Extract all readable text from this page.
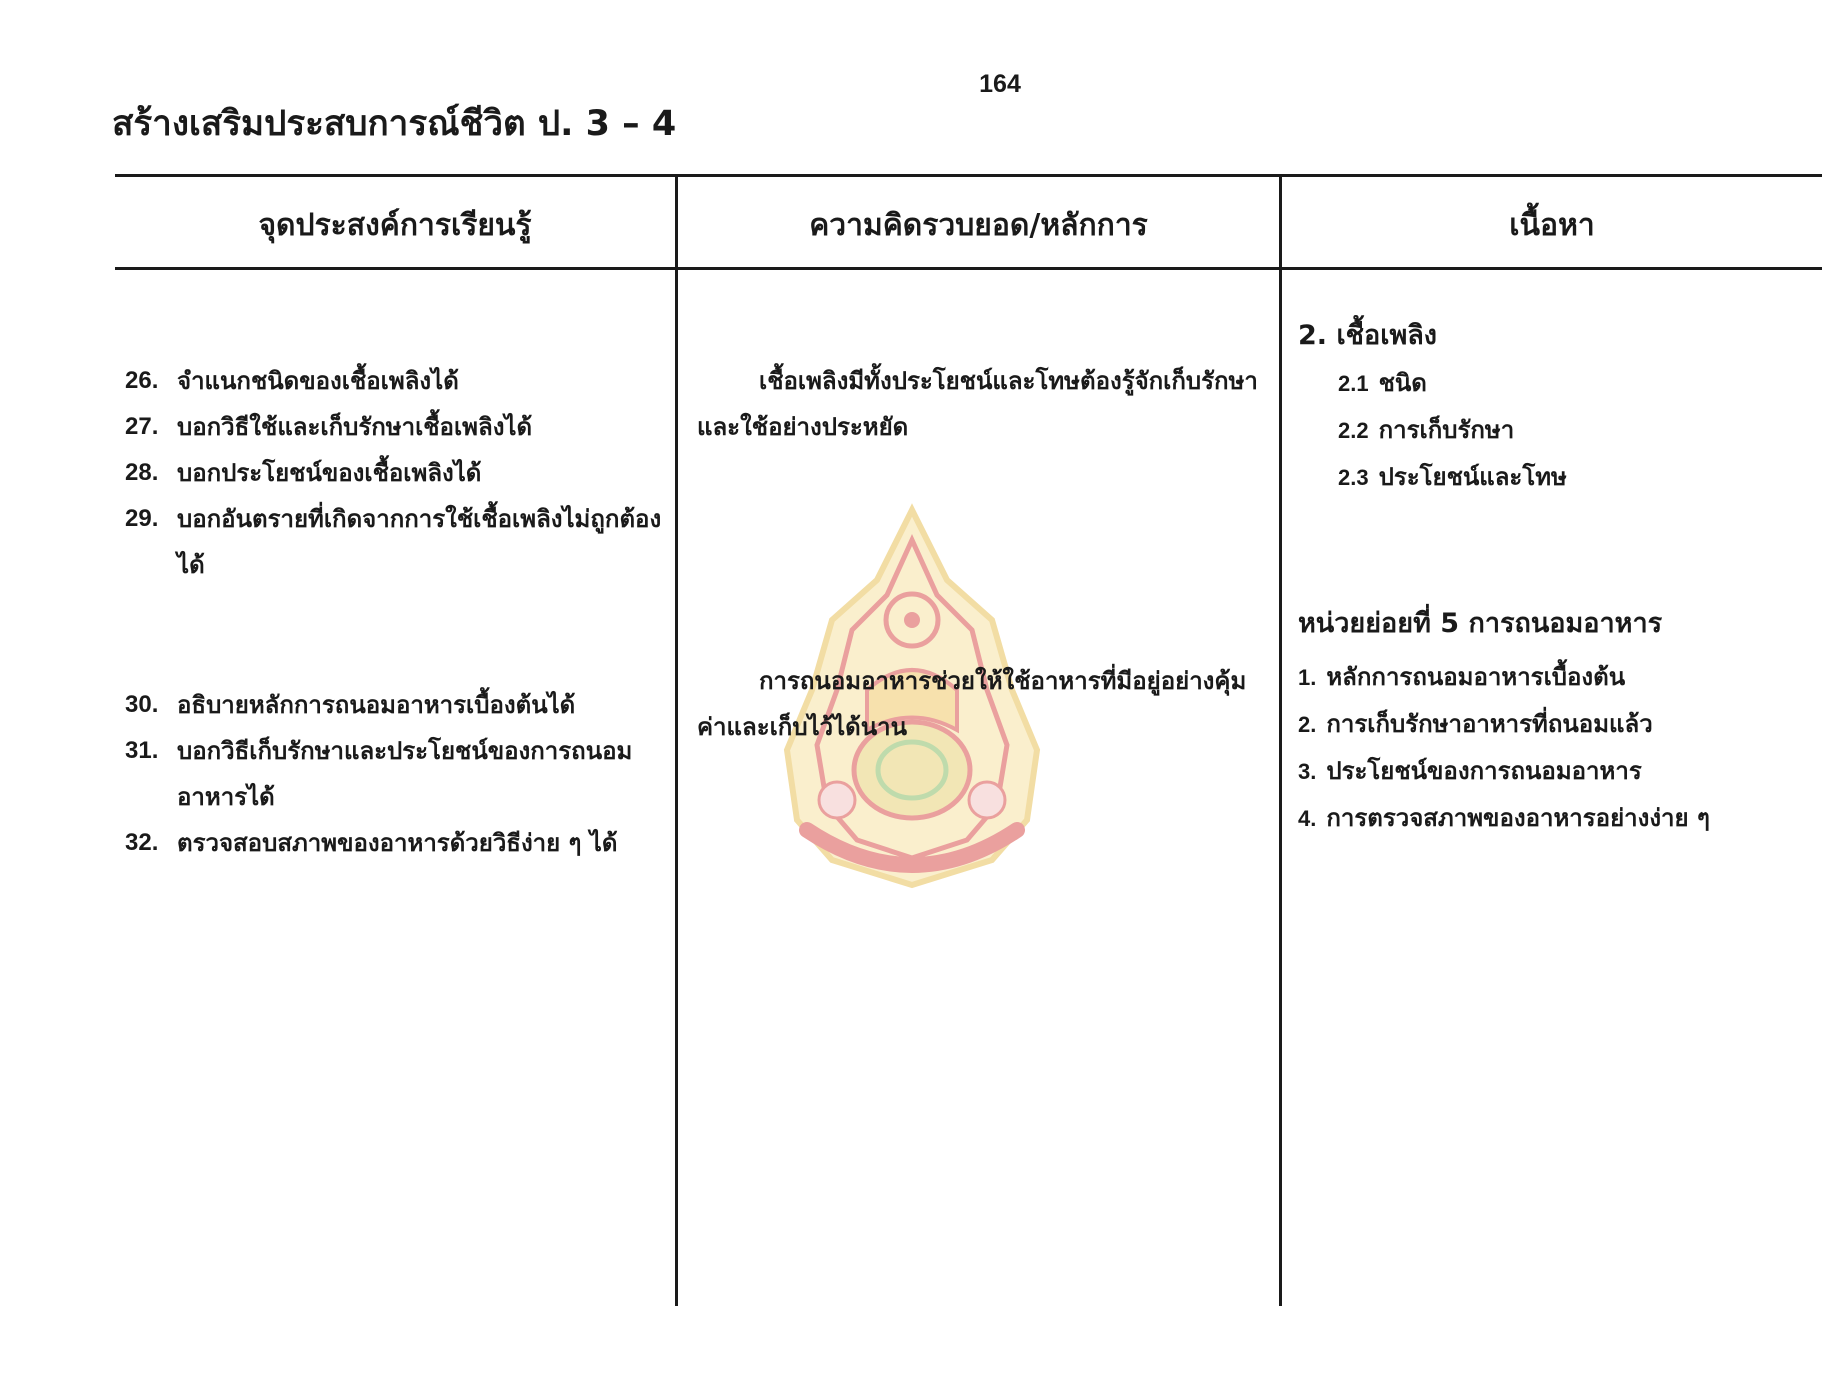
164
สร้างเสริมประสบการณ์ชีวิต ป. 3 – 4
จุดประสงค์การเรียนรู้	ความคิดรวบยอด/หลักการ	เนื้อหา
26. จำแนกชนิดของเชื้อเพลิงได้
27. บอกวิธีใช้และเก็บรักษาเชื้อเพลิงได้
28. บอกประโยชน์ของเชื้อเพลิงได้
29. บอกอันตรายที่เกิดจากการใช้เชื้อเพลิงไม่ถูกต้องได้
30. อธิบายหลักการถนอมอาหารเบื้องต้นได้
31. บอกวิธีเก็บรักษาและประโยชน์ของการถนอมอาหารได้
32. ตรวจสอบสภาพของอาหารด้วยวิธีง่าย ๆ ได้

เชื้อเพลิงมีทั้งประโยชน์และโทษต้องรู้จักเก็บรักษาและใช้อย่างประหยัด

การถนอมอาหารช่วยให้ใช้อาหารที่มีอยู่อย่างคุ้มค่าและเก็บไว้ได้นาน

2. เชื้อเพลิง
2.1 ชนิด
2.2 การเก็บรักษา
2.3 ประโยชน์และโทษ
หน่วยย่อยที่ 5 การถนอมอาหาร
1. หลักการถนอมอาหารเบื้องต้น
2. การเก็บรักษาอาหารที่ถนอมแล้ว
3. ประโยชน์ของการถนอมอาหาร
4. การตรวจสภาพของอาหารอย่างง่าย ๆ
